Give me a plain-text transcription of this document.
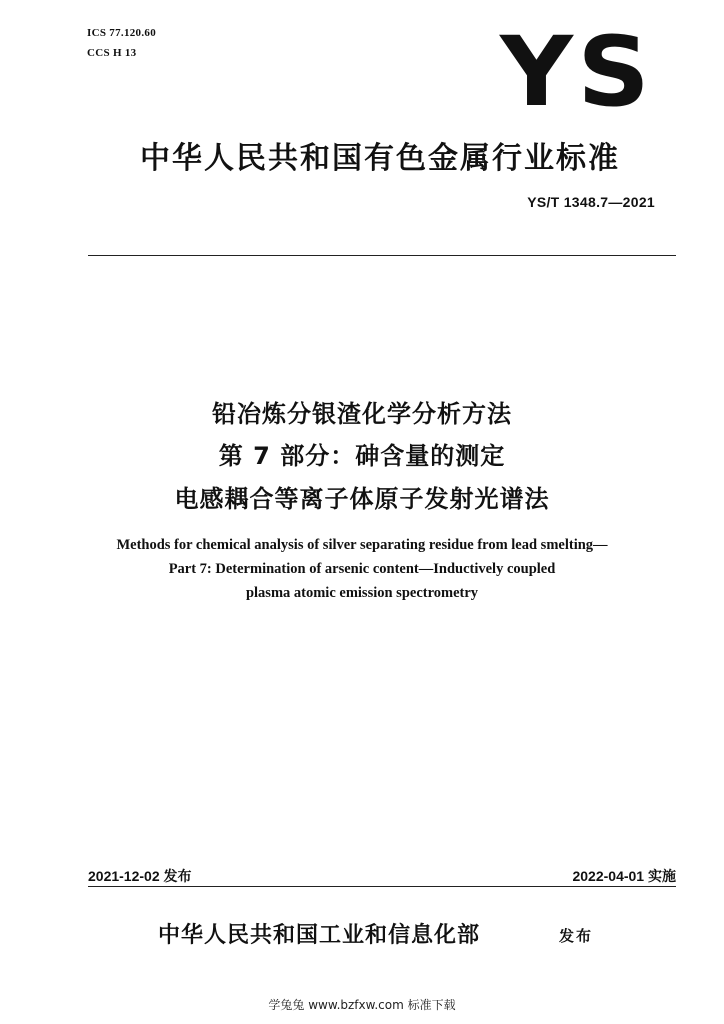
ICS 77.120.60
CCS H 13	YS
中华人民共和国有色金属行业标准
YS/T 1348.7—2021
铅冶炼分银渣化学分析方法
第 7 部分：砷含量的测定
电感耦合等离子体原子发射光谱法
Methods for chemical analysis of silver separating residue from lead smelting—
Part 7: Determination of arsenic content—Inductively coupled
plasma atomic emission spectrometry
2021-12-02 发布	2022-04-01 实施
中华人民共和国工业和信息化部	发布
学兔兔 www.bzfxw.com 标准下载
